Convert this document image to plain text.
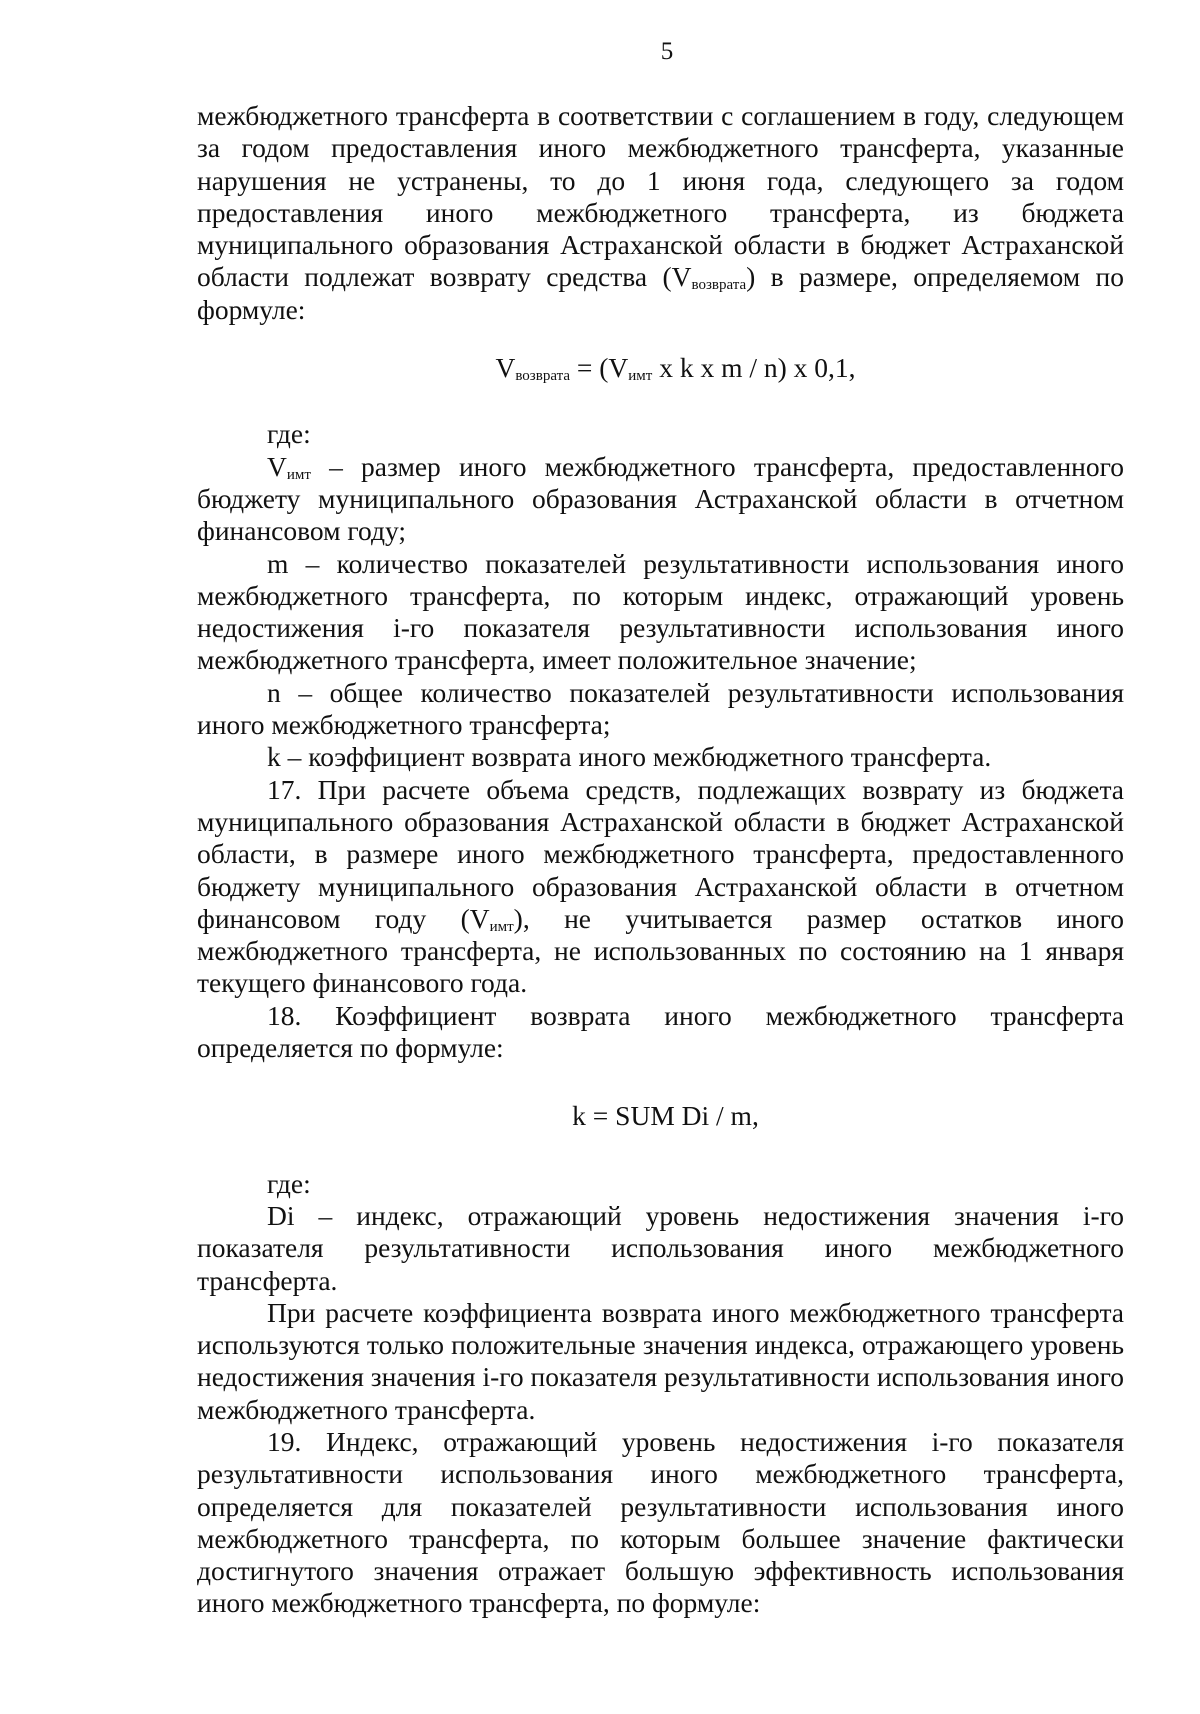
5

межбюджетного трансферта в соответствии с соглашением в году, следующем за годом предоставления иного межбюджетного трансферта, указанные нарушения не устранены, то до 1 июня года, следующего за годом предоставления иного межбюджетного трансферта, из бюджета муниципального образования Астраханской области в бюджет Астраханской области подлежат возврату средства $(V_{возврата})$ в размере, определяемом по формуле:

$V_{возврата} = (V_{имт}$ x k x m / n) x 0,1,

где:

$V_{имт}$ – размер иного межбюджетного трансферта, предоставленного бюджету муниципального образования Астраханской области в отчетном финансовом году;

m – количество показателей результативности использования иного межбюджетного трансферта, по которым индекс, отражающий уровень недостижения i-го показателя результативности использования иного межбюджетного трансферта, имеет положительное значение;

n – общее количество показателей результативности использования иного межбюджетного трансферта;

k – коэффициент возврата иного межбюджетного трансферта.

17. При расчете объема средств, подлежащих возврату из бюджета муниципального образования Астраханской области в бюджет Астраханской области, в размере иного межбюджетного трансферта, предоставленного бюджету муниципального образования Астраханской области в отчетном финансовом году $(V_{имт})$, не учитывается размер остатков иного межбюджетного трансферта, не использованных по состоянию на 1 января текущего финансового года.

18. Коэффициент возврата иного межбюджетного трансферта определяется по формуле:

k = SUM Di / m,

где:

Di – индекс, отражающий уровень недостижения значения i-го показателя результативности использования иного межбюджетного трансферта.

При расчете коэффициента возврата иного межбюджетного трансферта используются только положительные значения индекса, отражающего уровень недостижения значения i-го показателя результативности использования иного межбюджетного трансферта.

19. Индекс, отражающий уровень недостижения i-го показателя результативности использования иного межбюджетного трансферта, определяется для показателей результативности использования иного межбюджетного трансферта, по которым большее значение фактически достигнутого значения отражает большую эффективность использования иного межбюджетного трансферта, по формуле:
